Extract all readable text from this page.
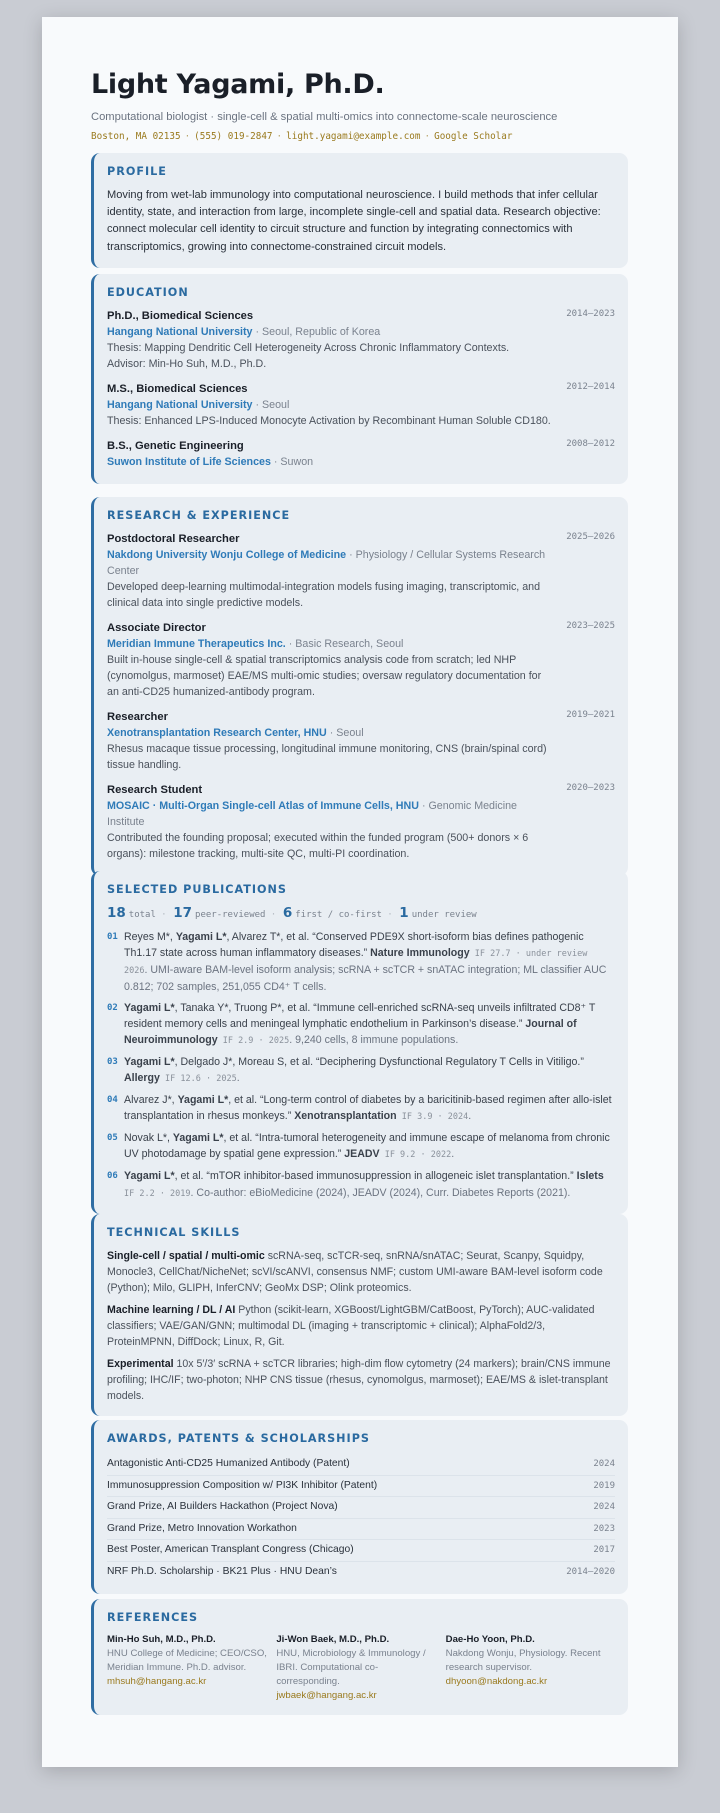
Light Yagami, Ph.D.
Computational biologist · single-cell & spatial multi-omics into connectome-scale neuroscience
Boston, MA 02135 · (555) 019-2847 · light.yagami@example.com · Google Scholar
PROFILE
Moving from wet-lab immunology into computational neuroscience. I build methods that infer cellular identity, state, and interaction from large, incomplete single-cell and spatial data. Research objective: connect molecular cell identity to circuit structure and function by integrating connectomics with transcriptomics, growing into connectome-constrained circuit models.
EDUCATION
Ph.D., Biomedical Sciences	2014–2023
Hangang National University · Seoul, Republic of Korea
Thesis: Mapping Dendritic Cell Heterogeneity Across Chronic Inflammatory Contexts.
Advisor: Min-Ho Suh, M.D., Ph.D.
M.S., Biomedical Sciences	2012–2014
Hangang National University · Seoul
Thesis: Enhanced LPS-Induced Monocyte Activation by Recombinant Human Soluble CD180.
B.S., Genetic Engineering	2008–2012
Suwon Institute of Life Sciences · Suwon
RESEARCH & EXPERIENCE
Postdoctoral Researcher	2025–2026
Nakdong University Wonju College of Medicine · Physiology / Cellular Systems Research Center
Developed deep-learning multimodal-integration models fusing imaging, transcriptomic, and clinical data into single predictive models.
Associate Director	2023–2025
Meridian Immune Therapeutics Inc. · Basic Research, Seoul
Built in-house single-cell & spatial transcriptomics analysis code from scratch; led NHP (cynomolgus, marmoset) EAE/MS multi-omic studies; oversaw regulatory documentation for an anti-CD25 humanized-antibody program.
Researcher	2019–2021
Xenotransplantation Research Center, HNU · Seoul
Rhesus macaque tissue processing, longitudinal immune monitoring, CNS (brain/spinal cord) tissue handling.
Research Student	2020–2023
MOSAIC · Multi-Organ Single-cell Atlas of Immune Cells, HNU · Genomic Medicine Institute
Contributed the founding proposal; executed within the funded program (500+ donors × 6 organs): milestone tracking, multi-site QC, multi-PI coordination.
SELECTED PUBLICATIONS
18 total · 17 peer-reviewed · 6 first / co-first · 1 under review
01 Reyes M*, Yagami L*, Alvarez T*, et al. “Conserved PDE9X short-isoform bias defines pathogenic Th1.17 state across human inflammatory diseases.” Nature Immunology IF 27.7 · under review 2026. UMI-aware BAM-level isoform analysis; scRNA + scTCR + snATAC integration; ML classifier AUC 0.812; 702 samples, 251,055 CD4⁺ T cells.
02 Yagami L*, Tanaka Y*, Truong P*, et al. “Immune cell-enriched scRNA-seq unveils infiltrated CD8⁺ T resident memory cells and meningeal lymphatic endothelium in Parkinson’s disease.” Journal of Neuroimmunology IF 2.9 · 2025. 9,240 cells, 8 immune populations.
03 Yagami L*, Delgado J*, Moreau S, et al. “Deciphering Dysfunctional Regulatory T Cells in Vitiligo.” Allergy IF 12.6 · 2025.
04 Alvarez J*, Yagami L*, et al. “Long-term control of diabetes by a baricitinib-based regimen after allo-islet transplantation in rhesus monkeys.” Xenotransplantation IF 3.9 · 2024.
05 Novak L*, Yagami L*, et al. “Intra-tumoral heterogeneity and immune escape of melanoma from chronic UV photodamage by spatial gene expression.” JEADV IF 9.2 · 2022.
06 Yagami L*, et al. “mTOR inhibitor-based immunosuppression in allogeneic islet transplantation.” Islets IF 2.2 · 2019. Co-author: eBioMedicine (2024), JEADV (2024), Curr. Diabetes Reports (2021).
TECHNICAL SKILLS
Single-cell / spatial / multi-omic scRNA-seq, scTCR-seq, snRNA/snATAC; Seurat, Scanpy, Squidpy, Monocle3, CellChat/NicheNet; scVI/scANVI, consensus NMF; custom UMI-aware BAM-level isoform code (Python); Milo, GLIPH, InferCNV; GeoMx DSP; Olink proteomics.
Machine learning / DL / AI Python (scikit-learn, XGBoost/LightGBM/CatBoost, PyTorch); AUC-validated classifiers; VAE/GAN/GNN; multimodal DL (imaging + transcriptomic + clinical); AlphaFold2/3, ProteinMPNN, DiffDock; Linux, R, Git.
Experimental 10x 5′/3′ scRNA + scTCR libraries; high-dim flow cytometry (24 markers); brain/CNS immune profiling; IHC/IF; two-photon; NHP CNS tissue (rhesus, cynomolgus, marmoset); EAE/MS & islet-transplant models.
AWARDS, PATENTS & SCHOLARSHIPS
Antagonistic Anti-CD25 Humanized Antibody (Patent)	2024
Immunosuppression Composition w/ PI3K Inhibitor (Patent)	2019
Grand Prize, AI Builders Hackathon (Project Nova)	2024
Grand Prize, Metro Innovation Workathon	2023
Best Poster, American Transplant Congress (Chicago)	2017
NRF Ph.D. Scholarship · BK21 Plus · HNU Dean’s	2014–2020
REFERENCES
Min-Ho Suh, M.D., Ph.D.
HNU College of Medicine; CEO/CSO, Meridian Immune. Ph.D. advisor.
mhsuh@hangang.ac.kr
Ji-Won Baek, M.D., Ph.D.
HNU, Microbiology & Immunology / IBRI. Computational co-corresponding.
jwbaek@hangang.ac.kr
Dae-Ho Yoon, Ph.D.
Nakdong Wonju, Physiology. Recent research supervisor.
dhyoon@nakdong.ac.kr
